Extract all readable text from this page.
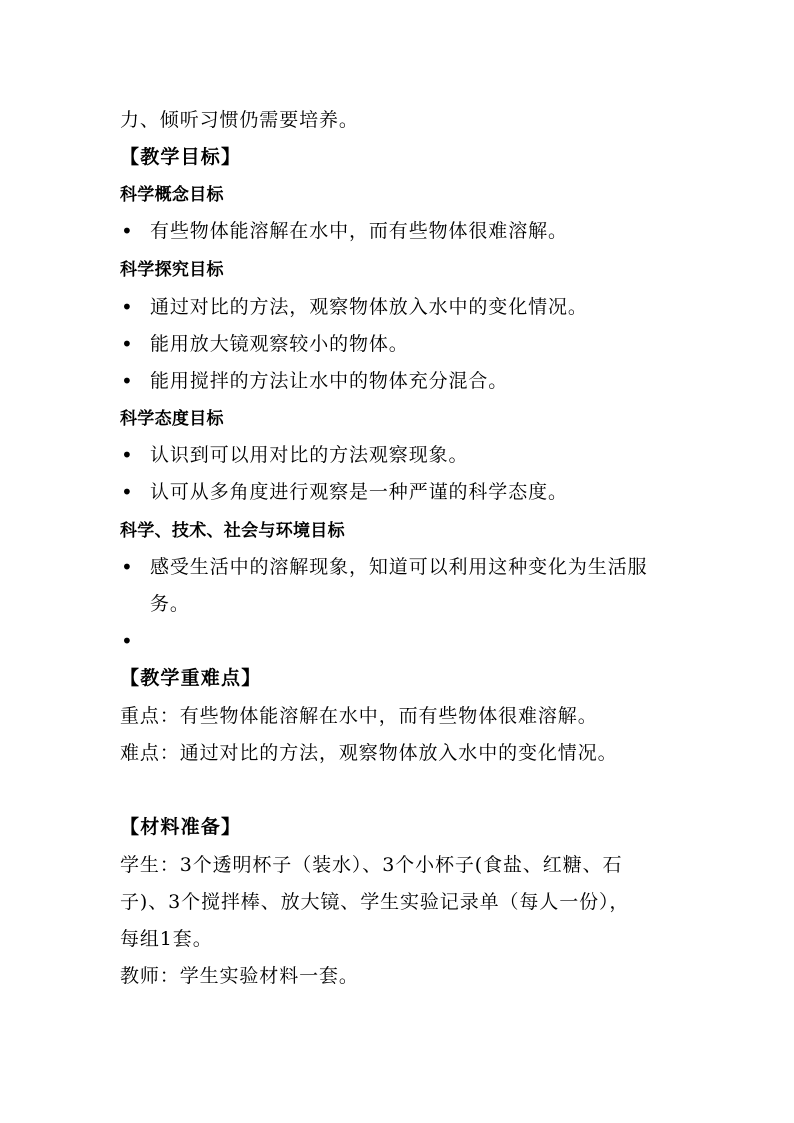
力、倾听习惯仍需要培养。
【教学目标】
科学概念目标
• 有些物体能溶解在水中，而有些物体很难溶解。
科学探究目标
• 通过对比的方法，观察物体放入水中的变化情况。
• 能用放大镜观察较小的物体。
• 能用搅拌的方法让水中的物体充分混合。
科学态度目标
• 认识到可以用对比的方法观察现象。
• 认可从多角度进行观察是一种严谨的科学态度。
科学、技术、社会与环境目标
• 感受生活中的溶解现象，知道可以利用这种变化为生活服
务。
•
【教学重难点】
重点：有些物体能溶解在水中，而有些物体很难溶解。
难点：通过对比的方法，观察物体放入水中的变化情况。
【材料准备】
学生：3个透明杯子（装水）、3个小杯子(食盐、红糖、石
子)、3个搅拌棒、放大镜、学生实验记录单（每人一份），
每组1套。
教师：学生实验材料一套。
